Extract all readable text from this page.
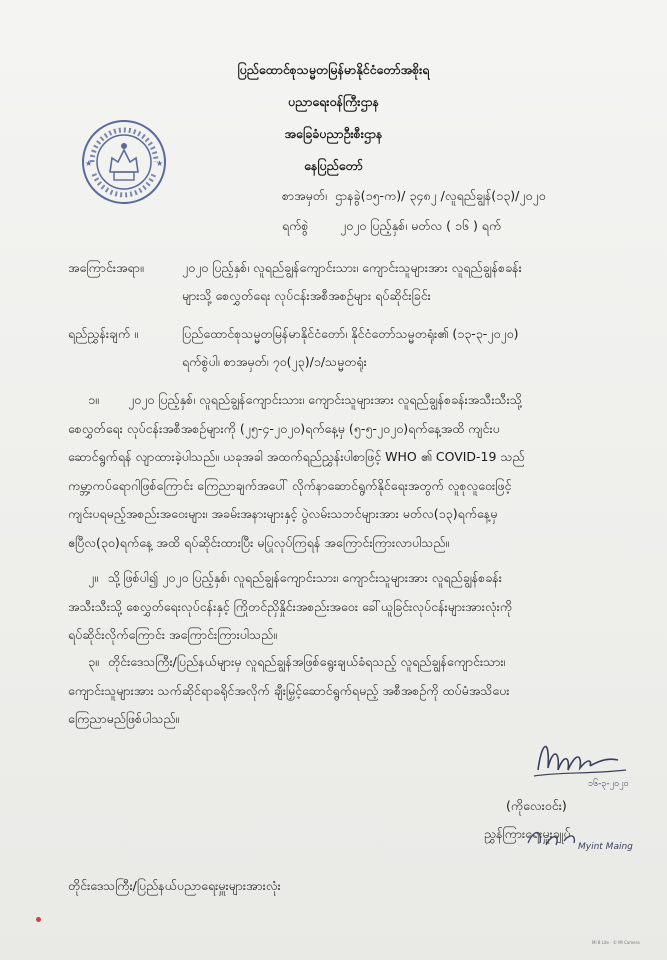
ပြည်ထောင်စုသမ္မတမြန်မာနိုင်ငံတော်အစိုးရ
ပညာရေးဝန်ကြီးဌာန
အခြေခံပညာဦးစီးဌာန
နေပြည်တော်
★	★
စာအမှတ်၊ ဌာနခွဲ(၁၅-က)/ ၃၄၈၂ /လူရည်ချွန်(၁၃)/၂၀၂၀
ရက်စွဲ	၂၀၂၀ ပြည့်နှစ်၊ မတ်လ ( ၁၆ ) ရက်
အကြောင်းအရာ။	၂၀၂၀ ပြည့်နှစ်၊ လူရည်ချွန်ကျောင်းသား၊ ကျောင်းသူများအား လူရည်ချွန်စခန်း
များသို့ စေလွှတ်ရေး လုပ်ငန်းအစီအစဉ်များ ရပ်ဆိုင်းခြင်း
ရည်ညွှန်းချက် ။	ပြည်ထောင်စုသမ္မတမြန်မာနိုင်ငံတော်၊ နိုင်ငံတော်သမ္မတရုံး၏ (၁၃-၃-၂၀၂၀)
ရက်စွဲပါ၊ စာအမှတ်၊ ၇၀(၂၃)/၁/သမ္မတရုံး
၁။	၂၀၂၀ ပြည့်နှစ်၊ လူရည်ချွန်ကျောင်းသား၊ ကျောင်းသူများအား လူရည်ချွန်စခန်းအသီးသီးသို့
စေလွှတ်ရေး လုပ်ငန်းအစီအစဉ်များကို (၂၅-၄-၂၀၂၀)ရက်နေ့မှ (၅-၅-၂၀၂၀)ရက်နေ့အထိ ကျင်းပ
ဆောင်ရွက်ရန် လျာထားခဲ့ပါသည်။ ယခုအခါ အထက်ရည်ညွှန်းပါစာဖြင့် WHO ၏ COVID-19 သည်
ကမ္ဘာ့ကပ်ရောဂါဖြစ်ကြောင်း ကြေညာချက်အပေါ် လိုက်နာဆောင်ရွက်နိုင်ရေးအတွက် လူစုလူဝေးဖြင့်
ကျင်းပရမည့်အစည်းအဝေးများ၊ အခမ်းအနားများနှင့် ပွဲလမ်းသဘင်များအား မတ်လ(၁၃)ရက်နေ့မှ
ဧပြီလ(၃၀)ရက်နေ့ အထိ ရပ်ဆိုင်းထားပြီး မပြုလုပ်ကြရန် အကြောင်းကြားလာပါသည်။
၂။ သို့ဖြစ်ပါ၍ ၂၀၂၀ ပြည့်နှစ်၊ လူရည်ချွန်ကျောင်းသား၊ ကျောင်းသူများအား လူရည်ချွန်စခန်း
အသီးသီးသို့ စေလွှတ်ရေးလုပ်ငန်းနှင့် ကြိုတင်ညှိနှိုင်းအစည်းအဝေး ခေါ်ယူခြင်းလုပ်ငန်းများအားလုံးကို
ရပ်ဆိုင်းလိုက်ကြောင်း အကြောင်းကြားပါသည်။
၃။ တိုင်းဒေသကြီး/ပြည်နယ်များမှ လူရည်ချွန်အဖြစ်ရွေးချယ်ခံရသည့် လူရည်ချွန်ကျောင်းသား၊
ကျောင်းသူများအား သက်ဆိုင်ရာခရိုင်အလိုက် ချီးမြှင့်ဆောင်ရွက်ရမည့် အစီအစဉ်ကို ထပ်မံအသိပေး
ကြေညာမည်ဖြစ်ပါသည်။
၁၆-၃-၂၀၂၀
(ကိုလေးဝင်း)
ညွှန်ကြားရေးမှူးချုပ်
Myint Maing
တိုင်းဒေသကြီး/ပြည်နယ်ပညာရေးမှူးများအားလုံး
Mi 8 Lite · © MI Camera
